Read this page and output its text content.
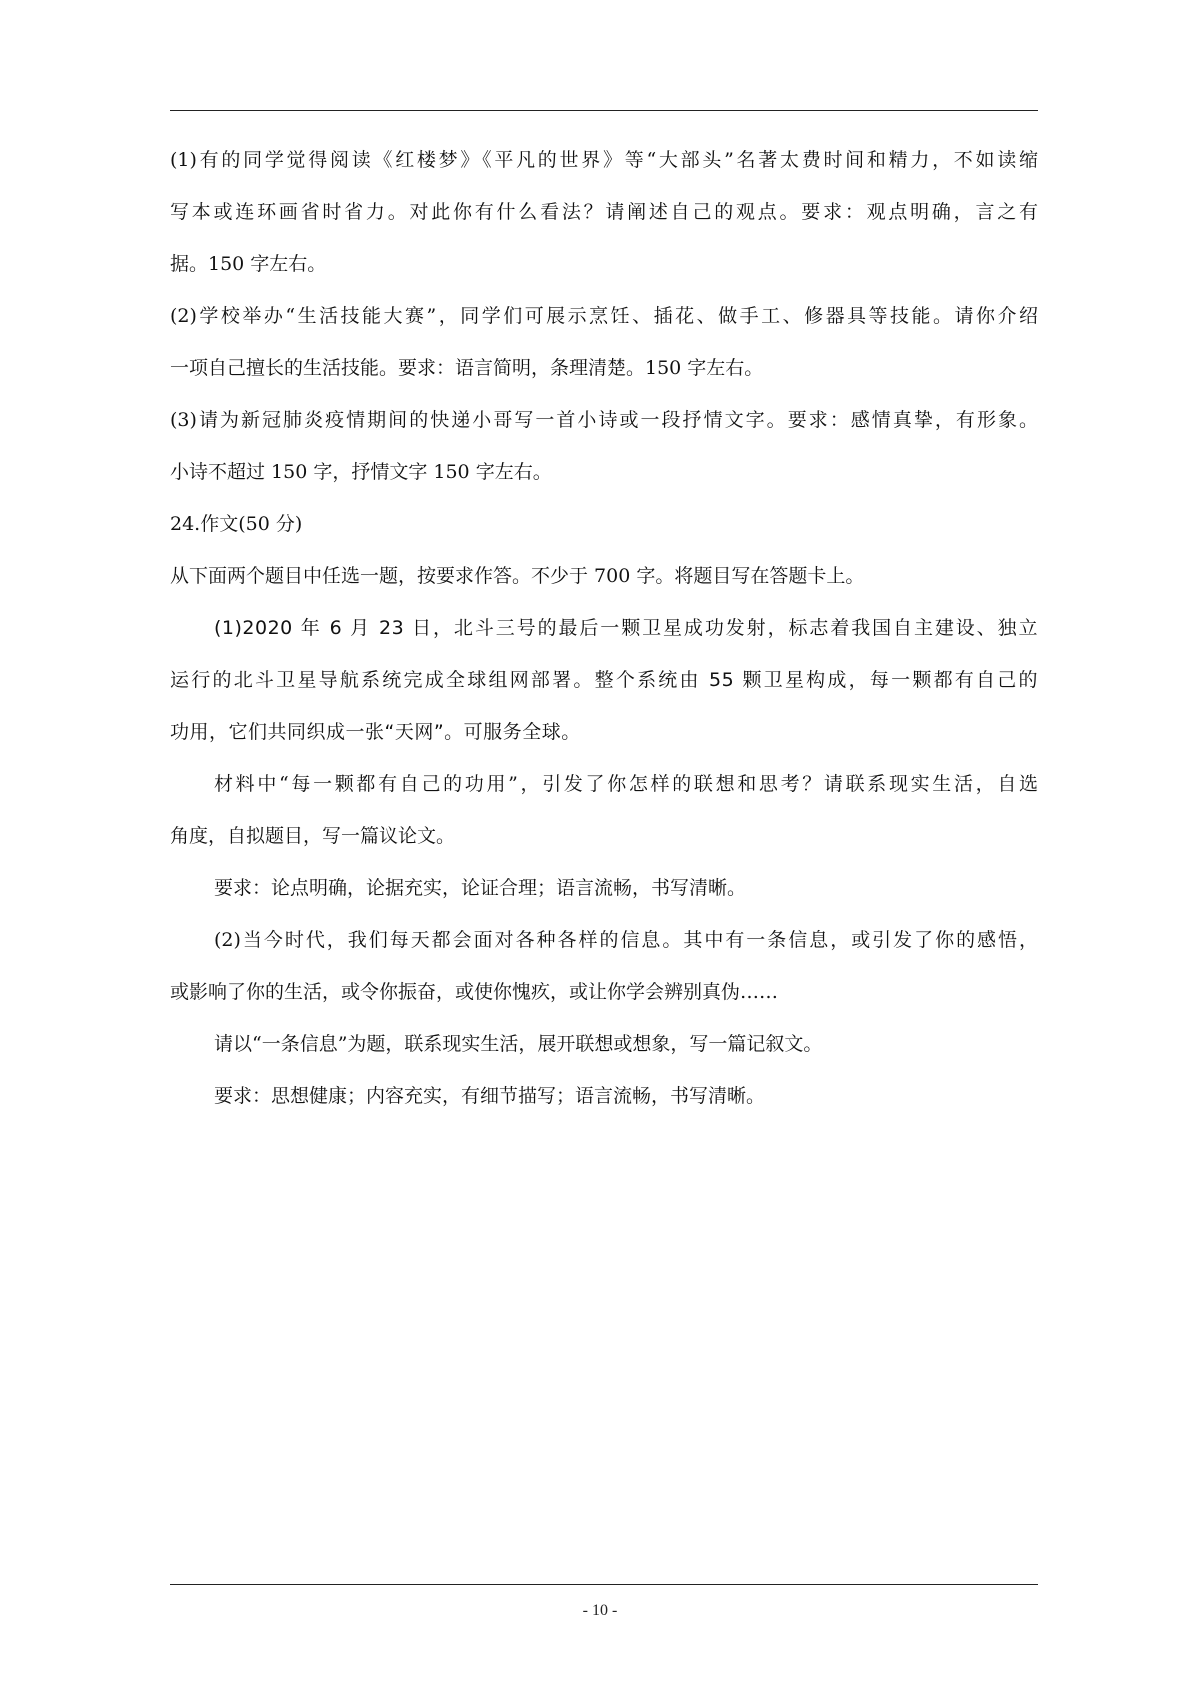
(1)有的同学觉得阅读《红楼梦》《平凡的世界》等“大部头”名著太费时间和精力，不如读缩
写本或连环画省时省力。对此你有什么看法？请阐述自己的观点。要求：观点明确，言之有
据。150 字左右。
(2)学校举办“生活技能大赛”，同学们可展示烹饪、插花、做手工、修器具等技能。请你介绍
一项自己擅长的生活技能。要求：语言简明，条理清楚。150 字左右。
(3)请为新冠肺炎疫情期间的快递小哥写一首小诗或一段抒情文字。要求：感情真挚，有形象。
小诗不超过 150 字，抒情文字 150 字左右。
24.作文(50 分)
从下面两个题目中任选一题，按要求作答。不少于 700 字。将题目写在答题卡上。
(1)2020 年 6 月 23 日，北斗三号的最后一颗卫星成功发射，标志着我国自主建设、独立
运行的北斗卫星导航系统完成全球组网部署。整个系统由 55 颗卫星构成，每一颗都有自己的
功用，它们共同织成一张“天网”。可服务全球。
材料中“每一颗都有自己的功用”，引发了你怎样的联想和思考？请联系现实生活，自选
角度，自拟题目，写一篇议论文。
要求：论点明确，论据充实，论证合理；语言流畅，书写清晰。
(2)当今时代，我们每天都会面对各种各样的信息。其中有一条信息，或引发了你的感悟，
或影响了你的生活，或令你振奋，或使你愧疚，或让你学会辨别真伪……
请以“一条信息”为题，联系现实生活，展开联想或想象，写一篇记叙文。
要求：思想健康；内容充实，有细节描写；语言流畅，书写清晰。
- 10 -
